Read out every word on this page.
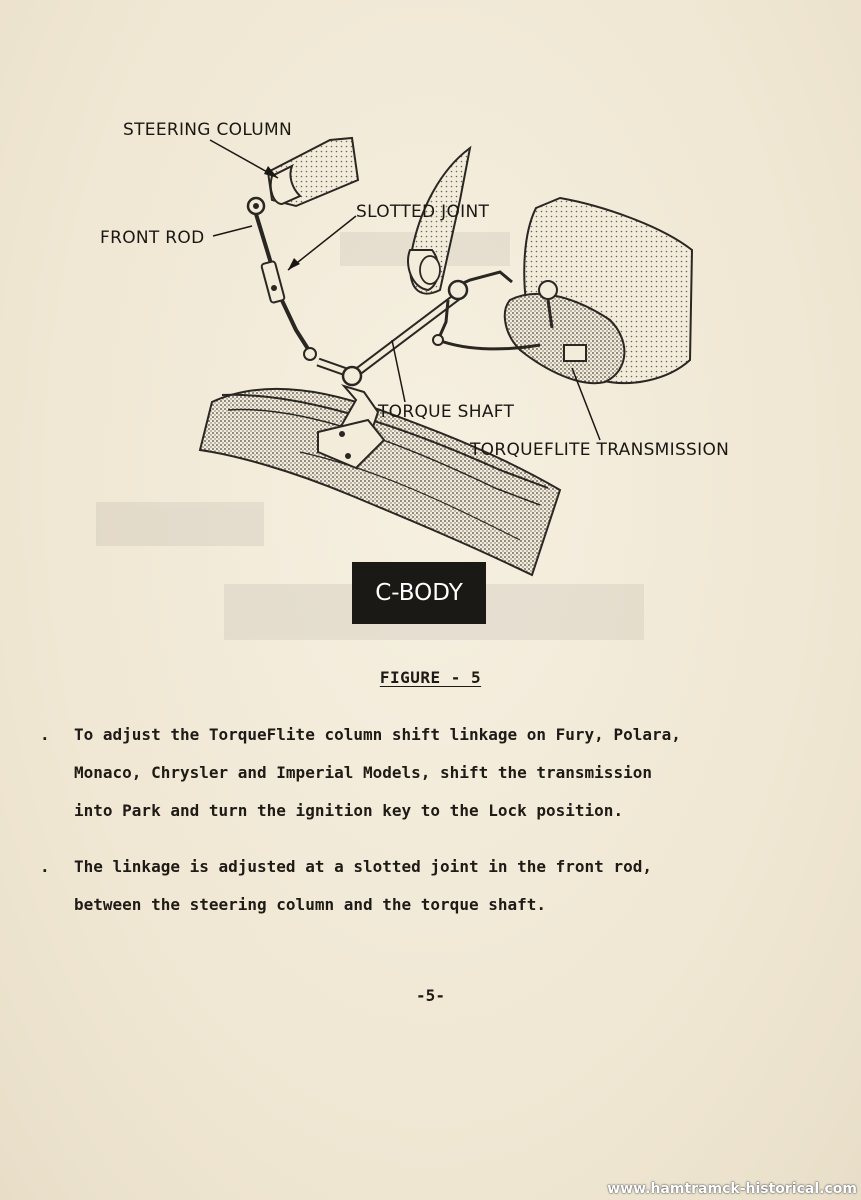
STEERING COLUMN
FRONT ROD
SLOTTED JOINT
TORQUE SHAFT
TORQUEFLITE TRANSMISSION
C-BODY
FIGURE - 5
.	To adjust the TorqueFlite column shift linkage on Fury, Polara,
Monaco, Chrysler and Imperial Models, shift the transmission
into Park and turn the ignition key to the Lock position.
.	The linkage is adjusted at a slotted joint in the front rod,
between the steering column and the torque shaft.
-5-
www.hamtramck-historical.com
